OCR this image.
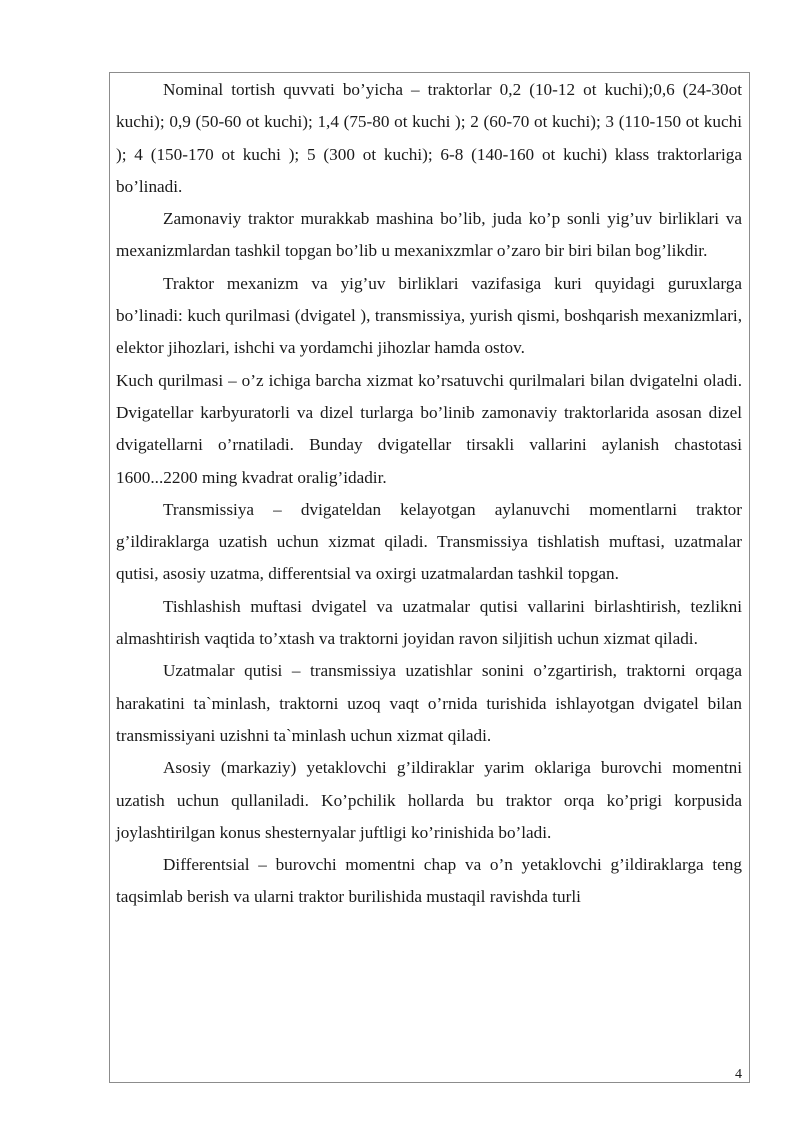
Nominal tortish quvvati bo’yicha – traktorlar 0,2 (10-12 ot kuchi);0,6 (24-30ot kuchi); 0,9 (50-60 ot kuchi); 1,4 (75-80 ot kuchi ); 2 (60-70 ot kuchi); 3 (110-150 ot kuchi ); 4 (150-170 ot kuchi ); 5 (300 ot kuchi); 6-8 (140-160 ot kuchi) klass traktorlariga bo’linadi.

Zamonaviy traktor murakkab mashina bo’lib, juda ko’p sonli yig’uv birliklari va mexanizmlardan tashkil topgan bo’lib u mexanixzmlar o’zaro bir biri bilan bog’likdir.

Traktor mexanizm va yig’uv birliklari vazifasiga kuri quyidagi guruxlarga bo’linadi: kuch qurilmasi (dvigatel ), transmissiya, yurish qismi, boshqarish mexanizmlari, elektor jihozlari, ishchi va yordamchi jihozlar hamda ostov.

Kuch qurilmasi – o’z ichiga barcha xizmat ko’rsatuvchi qurilmalari bilan dvigatelni oladi. Dvigatellar karbyuratorli va dizel turlarga bo’linib zamonaviy traktorlarida asosan dizel dvigatellarni o’rnatiladi. Bunday dvigatellar tirsakli vallarini aylanish chastotasi 1600...2200 ming kvadrat oralig’idadir.

Transmissiya – dvigateldan kelayotgan aylanuvchi momentlarni traktor g’ildiraklarga uzatish uchun xizmat qiladi. Transmissiya tishlatish muftasi, uzatmalar qutisi, asosiy uzatma, differentsial va oxirgi uzatmalardan tashkil topgan.

Tishlashish muftasi dvigatel va uzatmalar qutisi vallarini birlashtirish, tezlikni almashtirish vaqtida to’xtash va traktorni joyidan ravon siljitish uchun xizmat qiladi.

Uzatmalar qutisi – transmissiya uzatishlar sonini o’zgartirish, traktorni orqaga harakatini ta`minlash, traktorni uzoq vaqt o’rnida turishida ishlayotgan dvigatel bilan transmissiyani uzishni ta`minlash uchun xizmat qiladi.

Asosiy (markaziy) yetaklovchi g’ildiraklar yarim oklariga burovchi momentni uzatish uchun qullaniladi. Ko’pchilik hollarda bu traktor orqa ko’prigi korpusida joylashtirilgan konus shesternyalar juftligi ko’rinishida bo’ladi.

Differentsial – burovchi momentni chap va o’n yetaklovchi g’ildiraklarga teng taqsimlab berish va ularni traktor burilishida mustaqil ravishda turli

4
